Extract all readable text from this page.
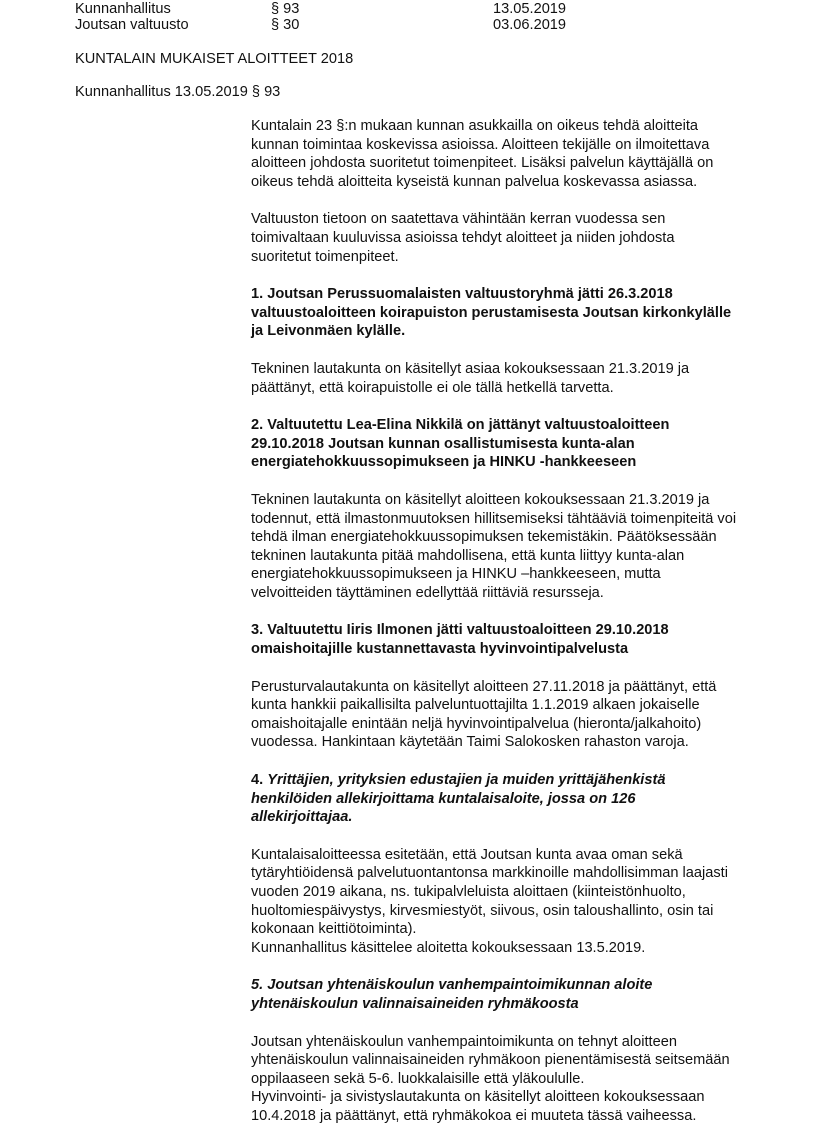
Kunnanhallitus	§ 93	13.05.2019
Joutsan valtuusto	§ 30	03.06.2019
KUNTALAIN MUKAISET ALOITTEET 2018
Kunnanhallitus 13.05.2019 § 93
Kuntalain 23 §:n mukaan kunnan asukkailla on oikeus tehdä aloitteita
kunnan toimintaa koskevissa asioissa. Aloitteen tekijälle on ilmoitettava
aloitteen johdosta suoritetut toimenpiteet. Lisäksi palvelun käyttäjällä on
oikeus tehdä aloitteita kyseistä kunnan palvelua koskevassa asiassa.
Valtuuston tietoon on saatettava vähintään kerran vuodessa sen
toimivaltaan kuuluvissa asioissa tehdyt aloitteet ja niiden johdosta
suoritetut toimenpiteet.
1. Joutsan Perussuomalaisten valtuustoryhmä jätti 26.3.2018
valtuustoaloitteen koirapuiston perustamisesta Joutsan kirkonkylälle
ja Leivonmäen kylälle.
Tekninen lautakunta on käsitellyt asiaa kokouksessaan 21.3.2019 ja
päättänyt, että koirapuistolle ei ole tällä hetkellä tarvetta.
2. Valtuutettu Lea-Elina Nikkilä on jättänyt valtuustoaloitteen
29.10.2018 Joutsan kunnan osallistumisesta kunta-alan
energiatehokkuussopimukseen ja HINKU -hankkeeseen
Tekninen lautakunta on käsitellyt aloitteen kokouksessaan 21.3.2019 ja
todennut, että ilmastonmuutoksen hillitsemiseksi tähtääviä toimenpiteitä voi
tehdä ilman energiatehokkuussopimuksen tekemistäkin. Päätöksessään
tekninen lautakunta pitää mahdollisena, että kunta liittyy kunta-alan
energiatehokkuussopimukseen ja HINKU –hankkeeseen, mutta
velvoitteiden täyttäminen edellyttää riittäviä resursseja.
3. Valtuutettu Iiris Ilmonen jätti valtuustoaloitteen 29.10.2018
omaishoitajille kustannettavasta hyvinvointipalvelusta
Perusturvalautakunta on käsitellyt aloitteen 27.11.2018 ja päättänyt, että
kunta hankkii paikallisilta palveluntuottajilta 1.1.2019 alkaen jokaiselle
omaishoitajalle enintään neljä hyvinvointipalvelua (hieronta/jalkahoito)
vuodessa. Hankintaan käytetään Taimi Salokosken rahaston varoja.
4. Yrittäjien, yrityksien edustajien ja muiden yrittäjähenkistä
henkilöiden allekirjoittama kuntalaisaloite, jossa on 126
allekirjoittajaa.
Kuntalaisaloitteessa esitetään, että Joutsan kunta avaa oman sekä
tytäryhtiöidensä palvelutuontantonsa markkinoille mahdollisimman laajasti
vuoden 2019 aikana, ns. tukipalvleluista aloittaen (kiinteistönhuolto,
huoltomiespäivystys, kirvesmiestyöt, siivous, osin taloushallinto, osin tai
kokonaan keittiötoiminta).
Kunnanhallitus käsittelee aloitetta kokouksessaan 13.5.2019.
5. Joutsan yhtenäiskoulun vanhempaintoimikunnan aloite
yhtenäiskoulun valinnaisaineiden ryhmäkoosta
Joutsan yhtenäiskoulun vanhempaintoimikunta on tehnyt aloitteen
yhtenäiskoulun valinnaisaineiden ryhmäkoon pienentämisestä seitsemään
oppilaaseen sekä 5-6. luokkalaisille että yläkoululle.
Hyvinvointi- ja sivistyslautakunta on käsitellyt aloitteen kokouksessaan
10.4.2018 ja päättänyt, että ryhmäkokoa ei muuteta tässä vaiheessa.
